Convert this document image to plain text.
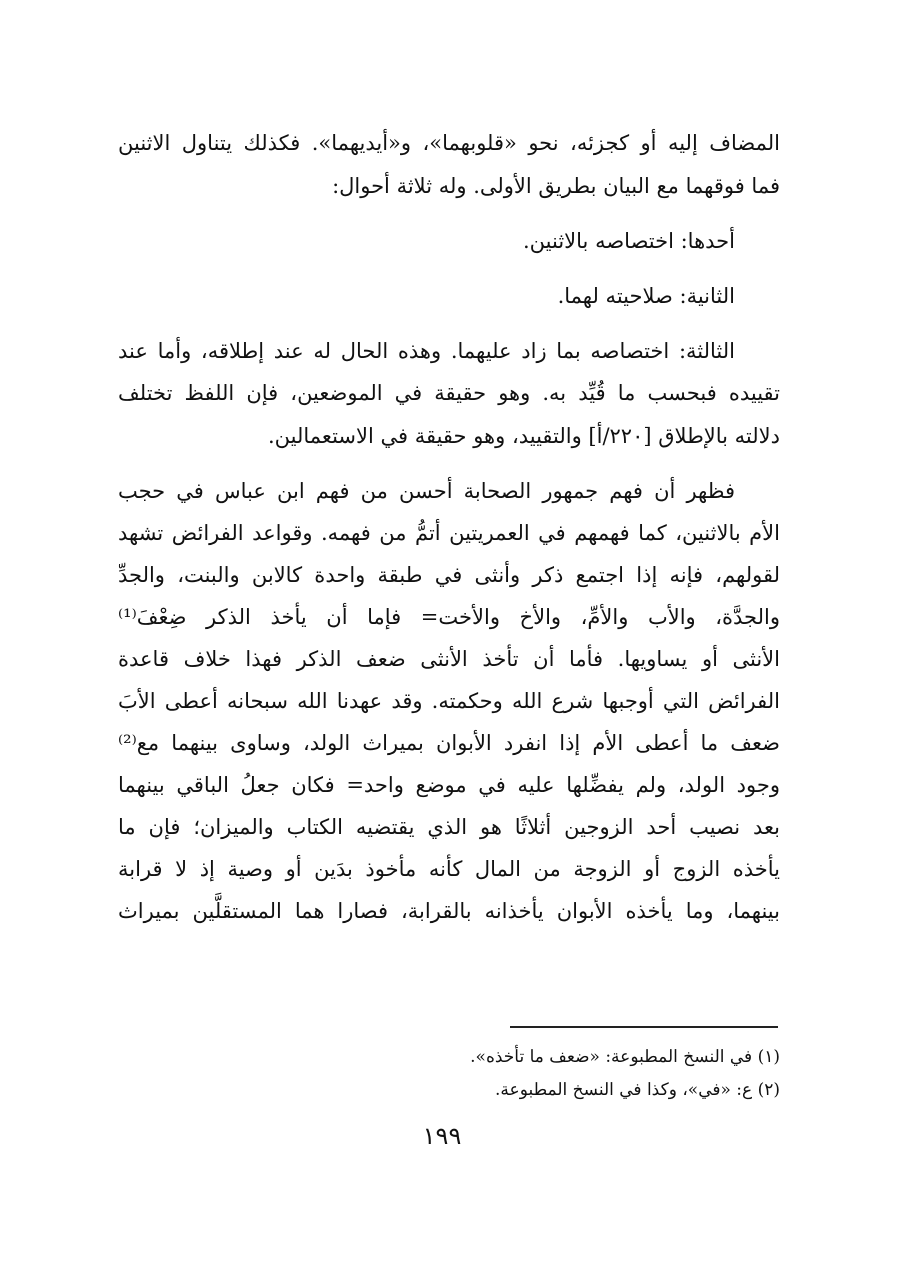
المضاف إليه أو كجزئه، نحو «قلوبهما»، و«أيديهما». فكذلك يتناول الاثنين
فما فوقهما مع البيان بطريق الأولى. وله ثلاثة أحوال:
أحدها: اختصاصه بالاثنين.
الثانية: صلاحيته لهما.
الثالثة: اختصاصه بما زاد عليهما. وهذه الحال له عند إطلاقه، وأما عند
تقييده فبحسب ما قُيِّد به. وهو حقيقة في الموضعين، فإن اللفظ تختلف
دلالته بالإطلاق [٢٢٠/أ] والتقييد، وهو حقيقة في الاستعمالين.
فظهر أن فهم جمهور الصحابة أحسن من فهم ابن عباس في حجب
الأم بالاثنين، كما فهمهم في العمريتين أتمُّ من فهمه. وقواعد الفرائض تشهد
لقولهم، فإنه إذا اجتمع ذكر وأنثى في طبقة واحدة كالابن والبنت، والجدِّ
والجدَّة، والأب والأمِّ، والأخ والأخت= فإما أن يأخذ الذكر ضِعْفَ⁽¹⁾
الأنثى أو يساويها. فأما أن تأخذ الأنثى ضعف الذكر فهذا خلاف قاعدة
الفرائض التي أوجبها شرع الله وحكمته. وقد عهدنا الله سبحانه أعطى الأبَ
ضعف ما أعطى الأم إذا انفرد الأبوان بميراث الولد، وساوى بينهما مع⁽²⁾
وجود الولد، ولم يفضِّلها عليه في موضع واحد= فكان جعلُ الباقي بينهما
بعد نصيب أحد الزوجين أثلاثًا هو الذي يقتضيه الكتاب والميزان؛ فإن ما
يأخذه الزوج أو الزوجة من المال كأنه مأخوذ بدَين أو وصية إذ لا قرابة
بينهما، وما يأخذه الأبوان يأخذانه بالقرابة، فصارا هما المستقلَّين بميراث
(١) في النسخ المطبوعة: «ضعف ما تأخذه».
(٢) ع: «في»، وكذا في النسخ المطبوعة.
١٩٩
